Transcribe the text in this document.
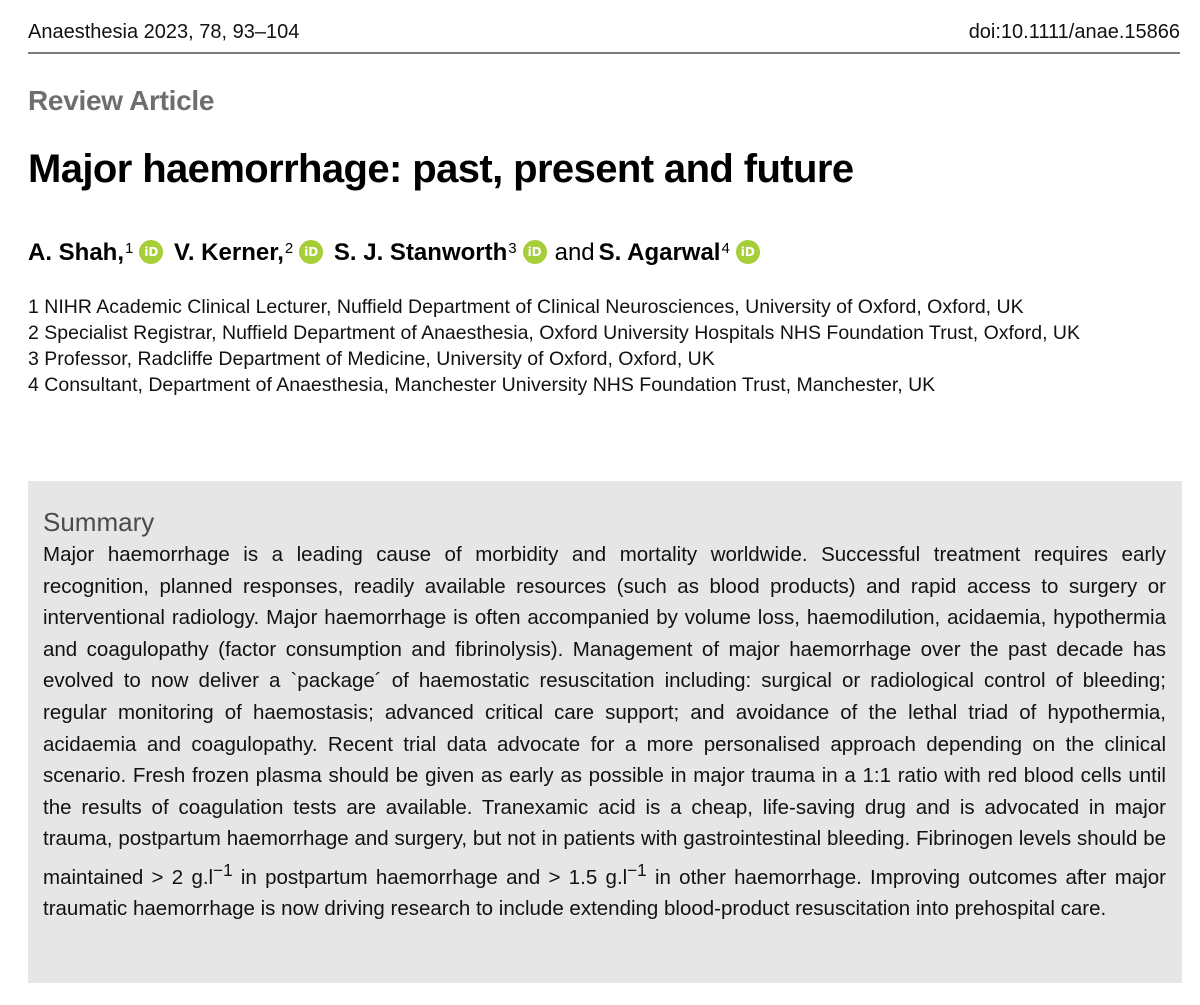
Anaesthesia 2023, 78, 93–104	doi:10.1111/anae.15866
Review Article
Major haemorrhage: past, present and future
A. Shah,$^1$ iD V. Kerner,$^2$ iD S. J. Stanworth$^3$ iD and S. Agarwal$^4$ iD
1 NIHR Academic Clinical Lecturer, Nuffield Department of Clinical Neurosciences, University of Oxford, Oxford, UK
2 Specialist Registrar, Nuffield Department of Anaesthesia, Oxford University Hospitals NHS Foundation Trust, Oxford, UK
3 Professor, Radcliffe Department of Medicine, University of Oxford, Oxford, UK
4 Consultant, Department of Anaesthesia, Manchester University NHS Foundation Trust, Manchester, UK
Summary

Major haemorrhage is a leading cause of morbidity and mortality worldwide. Successful treatment requires early recognition, planned responses, readily available resources (such as blood products) and rapid access to surgery or interventional radiology. Major haemorrhage is often accompanied by volume loss, haemodilution, acidaemia, hypothermia and coagulopathy (factor consumption and fibrinolysis). Management of major haemorrhage over the past decade has evolved to now deliver a `package´ of haemostatic resuscitation including: surgical or radiological control of bleeding; regular monitoring of haemostasis; advanced critical care support; and avoidance of the lethal triad of hypothermia, acidaemia and coagulopathy. Recent trial data advocate for a more personalised approach depending on the clinical scenario. Fresh frozen plasma should be given as early as possible in major trauma in a 1:1 ratio with red blood cells until the results of coagulation tests are available. Tranexamic acid is a cheap, life-saving drug and is advocated in major trauma, postpartum haemorrhage and surgery, but not in patients with gastrointestinal bleeding. Fibrinogen levels should be maintained > 2 $g.l^{-1}$ in postpartum haemorrhage and > 1.5 $g.l^{-1}$ in other haemorrhage. Improving outcomes after major traumatic haemorrhage is now driving research to include extending blood-product resuscitation into prehospital care.
